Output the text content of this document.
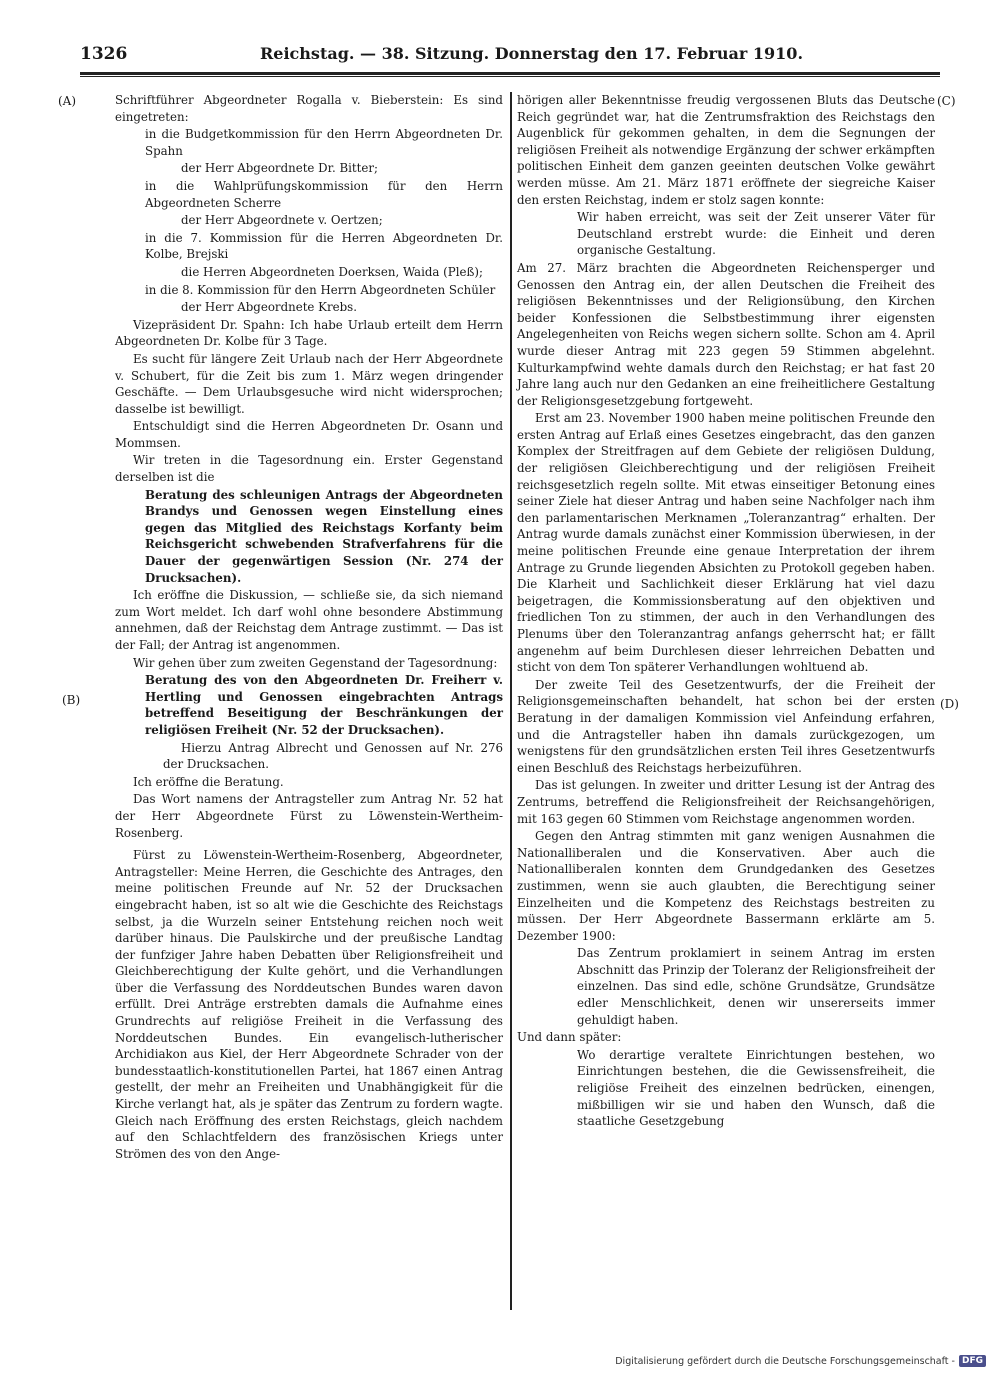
1326	Reichstag. — 38. Sitzung. Donnerstag den 17. Februar 1910.
(A)
(B)
(C)
(D)

Schriftführer Abgeordneter Rogalla v. Bieberstein: Es sind eingetreten:

in die Budgetkommission für den Herrn Abgeordneten Dr. Spahn

der Herr Abgeordnete Dr. Bitter;

in die Wahlprüfungskommission für den Herrn Abgeordneten Scherre

der Herr Abgeordnete v. Oertzen;

in die 7. Kommission für die Herren Abgeordneten Dr. Kolbe, Brejski

die Herren Abgeordneten Doerksen, Waida (Pleß);

in die 8. Kommission für den Herrn Abgeordneten Schüler

der Herr Abgeordnete Krebs.

Vizepräsident Dr. Spahn: Ich habe Urlaub erteilt dem Herrn Abgeordneten Dr. Kolbe für 3 Tage.

Es sucht für längere Zeit Urlaub nach der Herr Abgeordnete v. Schubert, für die Zeit bis zum 1. März wegen dringender Geschäfte. — Dem Urlaubsgesuche wird nicht widersprochen; dasselbe ist bewilligt.

Entschuldigt sind die Herren Abgeordneten Dr. Osann und Mommsen.

Wir treten in die Tagesordnung ein. Erster Gegenstand derselben ist die

Beratung des schleunigen Antrags der Abgeordneten Brandys und Genossen wegen Einstellung eines gegen das Mitglied des Reichstags Korfanty beim Reichsgericht schwebenden Strafverfahrens für die Dauer der gegenwärtigen Session (Nr. 274 der Drucksachen).

Ich eröffne die Diskussion, — schließe sie, da sich niemand zum Wort meldet. Ich darf wohl ohne besondere Abstimmung annehmen, daß der Reichstag dem Antrage zustimmt. — Das ist der Fall; der Antrag ist angenommen.

Wir gehen über zum zweiten Gegenstand der Tagesordnung:

Beratung des von den Abgeordneten Dr. Freiherr v. Hertling und Genossen eingebrachten Antrags betreffend Beseitigung der Beschränkungen der religiösen Freiheit (Nr. 52 der Drucksachen).

Hierzu Antrag Albrecht und Genossen auf Nr. 276 der Drucksachen.

Ich eröffne die Beratung.

Das Wort namens der Antragsteller zum Antrag Nr. 52 hat der Herr Abgeordnete Fürst zu Löwenstein-Wertheim-Rosenberg.

Fürst zu Löwenstein-Wertheim-Rosenberg, Abgeordneter, Antragsteller: Meine Herren, die Geschichte des Antrages, den meine politischen Freunde auf Nr. 52 der Drucksachen eingebracht haben, ist so alt wie die Geschichte des Reichstags selbst, ja die Wurzeln seiner Entstehung reichen noch weit darüber hinaus. Die Paulskirche und der preußische Landtag der funfziger Jahre haben Debatten über Religionsfreiheit und Gleichberechtigung der Kulte gehört, und die Verhandlungen über die Verfassung des Norddeutschen Bundes waren davon erfüllt. Drei Anträge erstrebten damals die Aufnahme eines Grundrechts auf religiöse Freiheit in die Verfassung des Norddeutschen Bundes. Ein evangelisch-lutherischer Archidiakon aus Kiel, der Herr Abgeordnete Schrader von der bundesstaatlich-konstitutionellen Partei, hat 1867 einen Antrag gestellt, der mehr an Freiheiten und Unabhängigkeit für die Kirche verlangt hat, als je später das Zentrum zu fordern wagte. Gleich nach Eröffnung des ersten Reichstags, gleich nachdem auf den Schlachtfeldern des französischen Kriegs unter Strömen des von den Ange-

hörigen aller Bekenntnisse freudig vergossenen Bluts das Deutsche Reich gegründet war, hat die Zentrumsfraktion des Reichstags den Augenblick für gekommen gehalten, in dem die Segnungen der religiösen Freiheit als notwendige Ergänzung der schwer erkämpften politischen Einheit dem ganzen geeinten deutschen Volke gewährt werden müsse. Am 21. März 1871 eröffnete der siegreiche Kaiser den ersten Reichstag, indem er stolz sagen konnte:

Wir haben erreicht, was seit der Zeit unserer Väter für Deutschland erstrebt wurde: die Einheit und deren organische Gestaltung.

Am 27. März brachten die Abgeordneten Reichensperger und Genossen den Antrag ein, der allen Deutschen die Freiheit des religiösen Bekenntnisses und der Religionsübung, den Kirchen beider Konfessionen die Selbstbestimmung ihrer eigensten Angelegenheiten von Reichs wegen sichern sollte. Schon am 4. April wurde dieser Antrag mit 223 gegen 59 Stimmen abgelehnt. Kulturkampfwind wehte damals durch den Reichstag; er hat fast 20 Jahre lang auch nur den Gedanken an eine freiheitlichere Gestaltung der Religionsgesetzgebung fortgeweht.

Erst am 23. November 1900 haben meine politischen Freunde den ersten Antrag auf Erlaß eines Gesetzes eingebracht, das den ganzen Komplex der Streitfragen auf dem Gebiete der religiösen Duldung, der religiösen Gleichberechtigung und der religiösen Freiheit reichsgesetzlich regeln sollte. Mit etwas einseitiger Betonung eines seiner Ziele hat dieser Antrag und haben seine Nachfolger nach ihm den parlamentarischen Merknamen „Toleranzantrag“ erhalten. Der Antrag wurde damals zunächst einer Kommission überwiesen, in der meine politischen Freunde eine genaue Interpretation der ihrem Antrage zu Grunde liegenden Absichten zu Protokoll gegeben haben. Die Klarheit und Sachlichkeit dieser Erklärung hat viel dazu beigetragen, die Kommissionsberatung auf den objektiven und friedlichen Ton zu stimmen, der auch in den Verhandlungen des Plenums über den Toleranzantrag anfangs geherrscht hat; er fällt angenehm auf beim Durchlesen dieser lehrreichen Debatten und sticht von dem Ton späterer Verhandlungen wohltuend ab.

Der zweite Teil des Gesetzentwurfs, der die Freiheit der Religionsgemeinschaften behandelt, hat schon bei der ersten Beratung in der damaligen Kommission viel Anfeindung erfahren, und die Antragsteller haben ihn damals zurückgezogen, um wenigstens für den grundsätzlichen ersten Teil ihres Gesetzentwurfs einen Beschluß des Reichstags herbeizuführen.

Das ist gelungen. In zweiter und dritter Lesung ist der Antrag des Zentrums, betreffend die Religionsfreiheit der Reichsangehörigen, mit 163 gegen 60 Stimmen vom Reichstage angenommen worden.

Gegen den Antrag stimmten mit ganz wenigen Ausnahmen die Nationalliberalen und die Konservativen. Aber auch die Nationalliberalen konnten dem Grundgedanken des Gesetzes zustimmen, wenn sie auch glaubten, die Berechtigung seiner Einzelheiten und die Kompetenz des Reichstags bestreiten zu müssen. Der Herr Abgeordnete Bassermann erklärte am 5. Dezember 1900:

Das Zentrum proklamiert in seinem Antrag im ersten Abschnitt das Prinzip der Toleranz der Religionsfreiheit der einzelnen. Das sind edle, schöne Grundsätze, Grundsätze edler Menschlichkeit, denen wir unsererseits immer gehuldigt haben.

Und dann später:

Wo derartige veraltete Einrichtungen bestehen, wo Einrichtungen bestehen, die die Gewissensfreiheit, die religiöse Freiheit des einzelnen bedrücken, einengen, mißbilligen wir sie und haben den Wunsch, daß die staatliche Gesetzgebung

Digitalisierung gefördert durch die Deutsche Forschungsgemeinschaft - DFG
